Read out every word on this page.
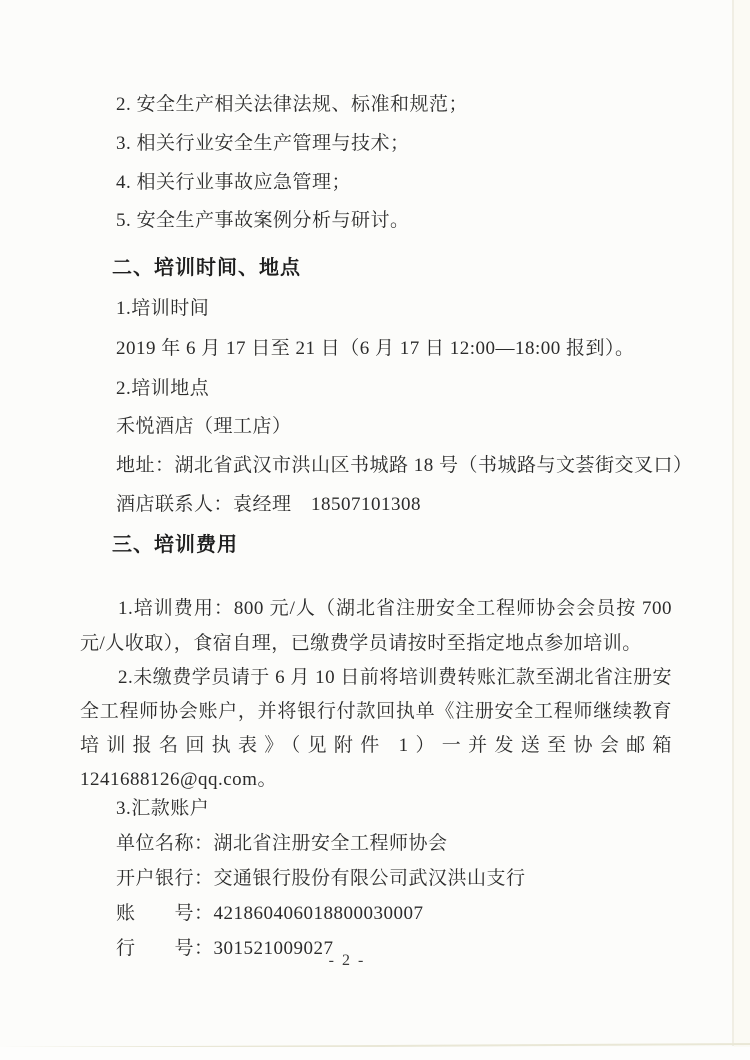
2. 安全生产相关法律法规、标准和规范；
3. 相关行业安全生产管理与技术；
4. 相关行业事故应急管理；
5. 安全生产事故案例分析与研讨。
二、培训时间、地点
1.培训时间
2019 年 6 月 17 日至 21 日（6 月 17 日 12:00—18:00 报到）。
2.培训地点
禾悦酒店（理工店）
地址：湖北省武汉市洪山区书城路 18 号（书城路与文荟街交叉口）
酒店联系人：袁经理　18507101308
三、培训费用

1.培训费用：800 元/人（湖北省注册安全工程师协会会员按 700 元/人收取），食宿自理，已缴费学员请按时至指定地点参加培训。

2.未缴费学员请于 6 月 10 日前将培训费转账汇款至湖北省注册安全工程师协会账户，并将银行付款回执单《注册安全工程师继续教育培训报名回执表》（见附件 1）一并发送至协会邮箱 1241688126@qq.com。

3.汇款账户
单位名称：湖北省注册安全工程师协会
开户银行：交通银行股份有限公司武汉洪山支行
账　　号：421860406018800030007
行　　号：301521009027
- 2 -
